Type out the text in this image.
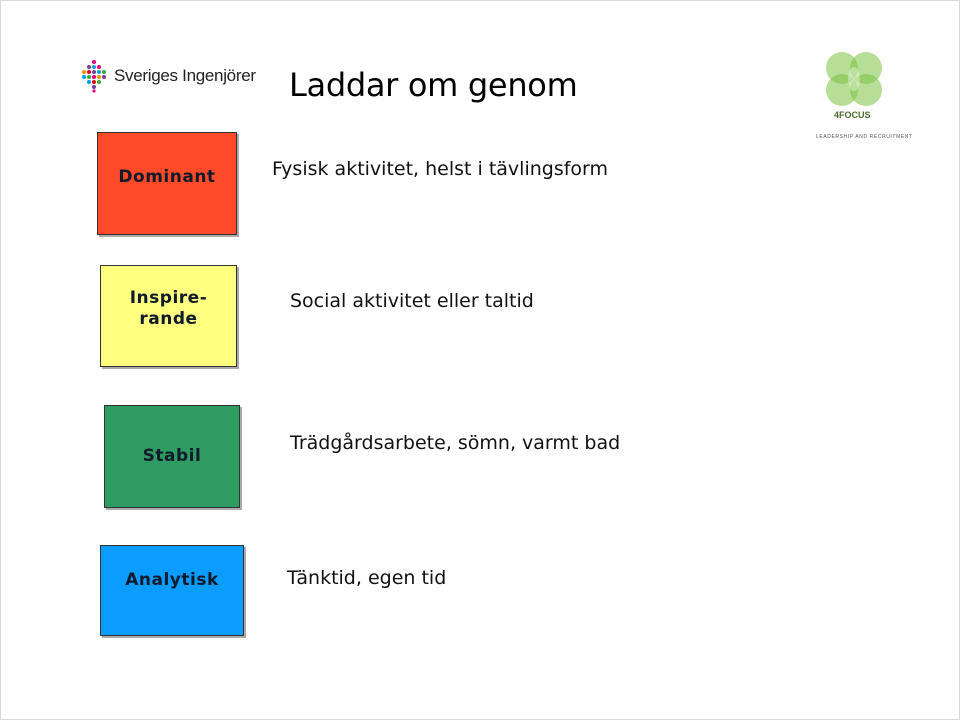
Sveriges Ingenjörer Laddar om genom
4FOCUS
LEADERSHIP AND RECRUITMENT
Dominant	Fysisk aktivitet, helst i tävlingsform
Inspire-
rande
Social aktivitet eller taltid
Stabil
Trädgårdsarbete, sömn, varmt bad
Analytisk	Tänktid, egen tid
